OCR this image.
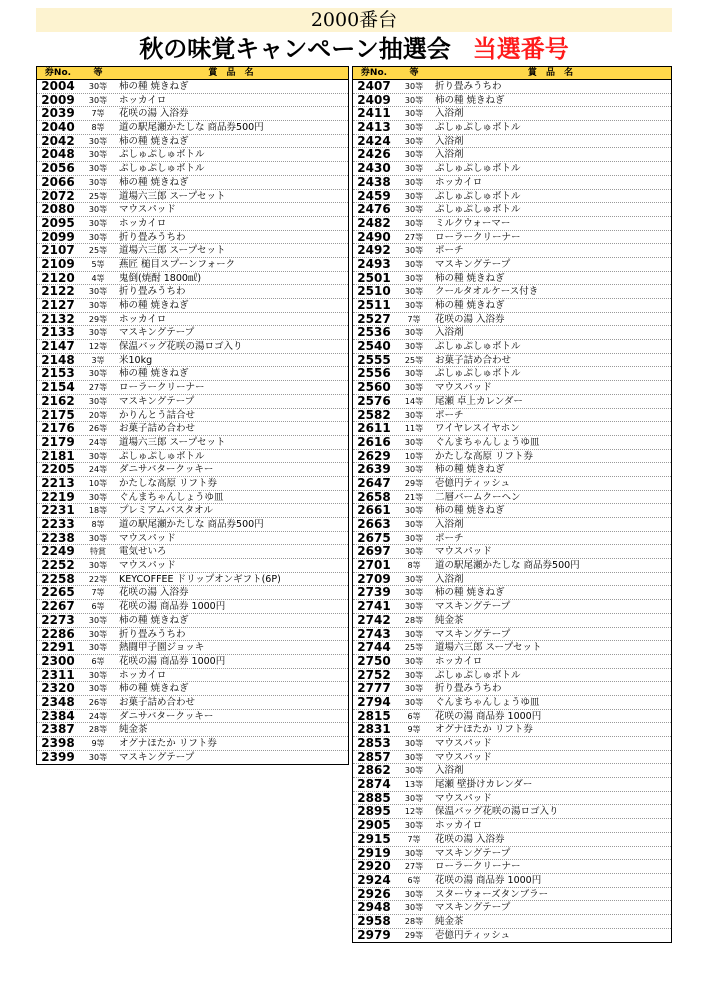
2000番台
秋の味覚キャンペーン抽選会 当選番号
券No.	等	賞 品 名
2004	30等	柿の種 焼きねぎ
2009	30等	ホッカイロ
2039	7等	花咲の湯 入浴券
2040	8等	道の駅尾瀬かたしな 商品券500円
2042	30等	柿の種 焼きねぎ
2048	30等	ぷしゅぷしゅボトル
2056	30等	ぷしゅぷしゅボトル
2066	30等	柿の種 焼きねぎ
2072	25等	道場六三郎 スープセット
2080	30等	マウスパッド
2095	30等	ホッカイロ
2099	30等	折り畳みうちわ
2107	25等	道場六三郎 スープセット
2109	5等	燕匠 槌目スプーンフォーク
2120	4等	鬼倒(焼酎 1800㎖)
2122	30等	折り畳みうちわ
2127	30等	柿の種 焼きねぎ
2132	29等	ホッカイロ
2133	30等	マスキングテープ
2147	12等	保温バッグ花咲の湯ロゴ入り
2148	3等	米10kg
2153	30等	柿の種 焼きねぎ
2154	27等	ローラークリーナー
2162	30等	マスキングテープ
2175	20等	かりんとう詰合せ
2176	26等	お菓子詰め合わせ
2179	24等	道場六三郎 スープセット
2181	30等	ぷしゅぷしゅボトル
2205	24等	ダニサバタークッキー
2213	10等	かたしな高原 リフト券
2219	30等	ぐんまちゃんしょうゆ皿
2231	18等	プレミアムバスタオル
2233	8等	道の駅尾瀬かたしな 商品券500円
2238	30等	マウスパッド
2249	特賞	電気せいろ
2252	30等	マウスパッド
2258	22等	KEYCOFFEE ドリップオンギフト(6P)
2265	7等	花咲の湯 入浴券
2267	6等	花咲の湯 商品券 1000円
2273	30等	柿の種 焼きねぎ
2286	30等	折り畳みうちわ
2291	30等	熱闘甲子園ジョッキ
2300	6等	花咲の湯 商品券 1000円
2311	30等	ホッカイロ
2320	30等	柿の種 焼きねぎ
2348	26等	お菓子詰め合わせ
2384	24等	ダニサバタークッキー
2387	28等	純金茶
2398	9等	オグナほたか リフト券
2399	30等	マスキングテープ
券No.	等	賞 品 名
2407	30等	折り畳みうちわ
2409	30等	柿の種 焼きねぎ
2411	30等	入浴剤
2413	30等	ぷしゅぷしゅボトル
2424	30等	入浴剤
2426	30等	入浴剤
2430	30等	ぷしゅぷしゅボトル
2438	30等	ホッカイロ
2459	30等	ぷしゅぷしゅボトル
2476	30等	ぷしゅぷしゅボトル
2482	30等	ミルクウォーマー
2490	27等	ローラークリーナー
2492	30等	ポーチ
2493	30等	マスキングテープ
2501	30等	柿の種 焼きねぎ
2510	30等	クールタオルケース付き
2511	30等	柿の種 焼きねぎ
2527	7等	花咲の湯 入浴券
2536	30等	入浴剤
2540	30等	ぷしゅぷしゅボトル
2555	25等	お菓子詰め合わせ
2556	30等	ぷしゅぷしゅボトル
2560	30等	マウスパッド
2576	14等	尾瀬 卓上カレンダー
2582	30等	ポーチ
2611	11等	ワイヤレスイヤホン
2616	30等	ぐんまちゃんしょうゆ皿
2629	10等	かたしな高原 リフト券
2639	30等	柿の種 焼きねぎ
2647	29等	壱億円ティッシュ
2658	21等	二層バームクーヘン
2661	30等	柿の種 焼きねぎ
2663	30等	入浴剤
2675	30等	ポーチ
2697	30等	マウスパッド
2701	8等	道の駅尾瀬かたしな 商品券500円
2709	30等	入浴剤
2739	30等	柿の種 焼きねぎ
2741	30等	マスキングテープ
2742	28等	純金茶
2743	30等	マスキングテープ
2744	25等	道場六三郎 スープセット
2750	30等	ホッカイロ
2752	30等	ぷしゅぷしゅボトル
2777	30等	折り畳みうちわ
2794	30等	ぐんまちゃんしょうゆ皿
2815	6等	花咲の湯 商品券 1000円
2831	9等	オグナほたか リフト券
2853	30等	マウスパッド
2857	30等	マウスパッド
2862	30等	入浴剤
2874	13等	尾瀬 壁掛けカレンダー
2885	30等	マウスパッド
2895	12等	保温バッグ花咲の湯ロゴ入り
2905	30等	ホッカイロ
2915	7等	花咲の湯 入浴券
2919	30等	マスキングテープ
2920	27等	ローラークリーナー
2924	6等	花咲の湯 商品券 1000円
2926	30等	スターウォーズタンブラー
2948	30等	マスキングテープ
2958	28等	純金茶
2979	29等	壱億円ティッシュ
